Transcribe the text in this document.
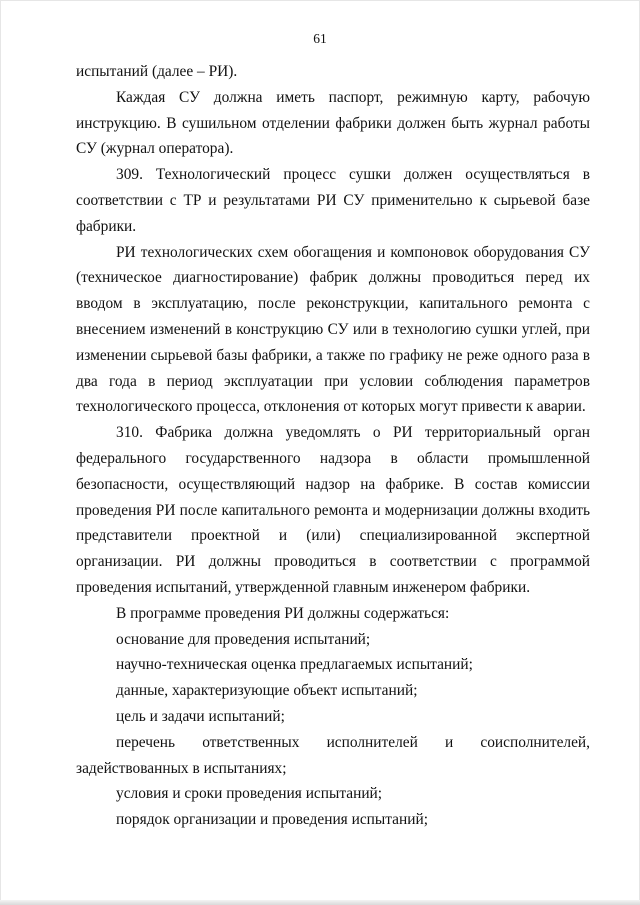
61

испытаний (далее – РИ).

Каждая СУ должна иметь паспорт, режимную карту, рабочую инструкцию. В сушильном отделении фабрики должен быть журнал работы СУ (журнал оператора).

309. Технологический процесс сушки должен осуществляться в соответствии с ТР и результатами РИ СУ применительно к сырьевой базе фабрики.

РИ технологических схем обогащения и компоновок оборудования СУ (техническое диагностирование) фабрик должны проводиться перед их вводом в эксплуатацию, после реконструкции, капитального ремонта с внесением изменений в конструкцию СУ или в технологию сушки углей, при изменении сырьевой базы фабрики, а также по графику не реже одного раза в два года в период эксплуатации при условии соблюдения параметров технологического процесса, отклонения от которых могут привести к аварии.

310. Фабрика должна уведомлять о РИ территориальный орган федерального государственного надзора в области промышленной безопасности, осуществляющий надзор на фабрике. В состав комиссии проведения РИ после капитального ремонта и модернизации должны входить представители проектной и (или) специализированной экспертной организации. РИ должны проводиться в соответствии с программой проведения испытаний, утвержденной главным инженером фабрики.

В программе проведения РИ должны содержаться:

основание для проведения испытаний;

научно-техническая оценка предлагаемых испытаний;

данные, характеризующие объект испытаний;

цель и задачи испытаний;

перечень ответственных исполнителей и соисполнителей, задействованных в испытаниях;

условия и сроки проведения испытаний;

порядок организации и проведения испытаний;
